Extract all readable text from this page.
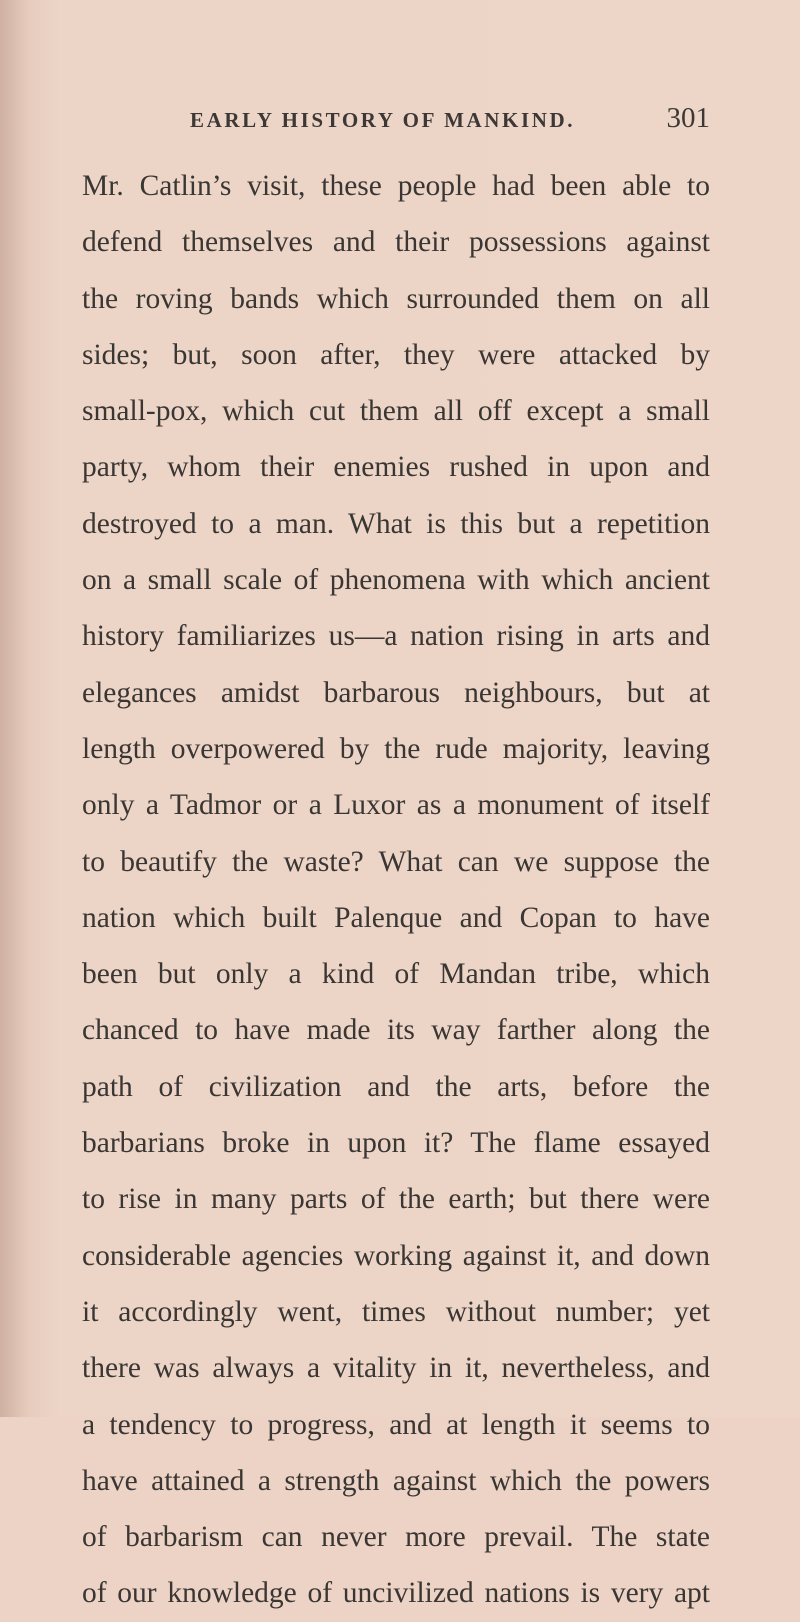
EARLY HISTORY OF MANKIND.	301
Mr. Catlin’s visit, these people had been able to
defend themselves and their possessions against
the roving bands which surrounded them on all
sides; but, soon after, they were attacked by
small-pox, which cut them all off except a small
party, whom their enemies rushed in upon and
destroyed to a man. What is this but a repetition
on a small scale of phenomena with which ancient
history familiarizes us—a nation rising in arts and
elegances amidst barbarous neighbours, but at
length overpowered by the rude majority, leaving
only a Tadmor or a Luxor as a monument of itself
to beautify the waste? What can we suppose the
nation which built Palenque and Copan to have
been but only a kind of Mandan tribe, which
chanced to have made its way farther along the
path of civilization and the arts, before the
barbarians broke in upon it? The flame essayed
to rise in many parts of the earth; but there were
considerable agencies working against it, and down
it accordingly went, times without number; yet
there was always a vitality in it, nevertheless, and
a tendency to progress, and at length it seems to
have attained a strength against which the powers
of barbarism can never more prevail. The state
of our knowledge of uncivilized nations is very apt
